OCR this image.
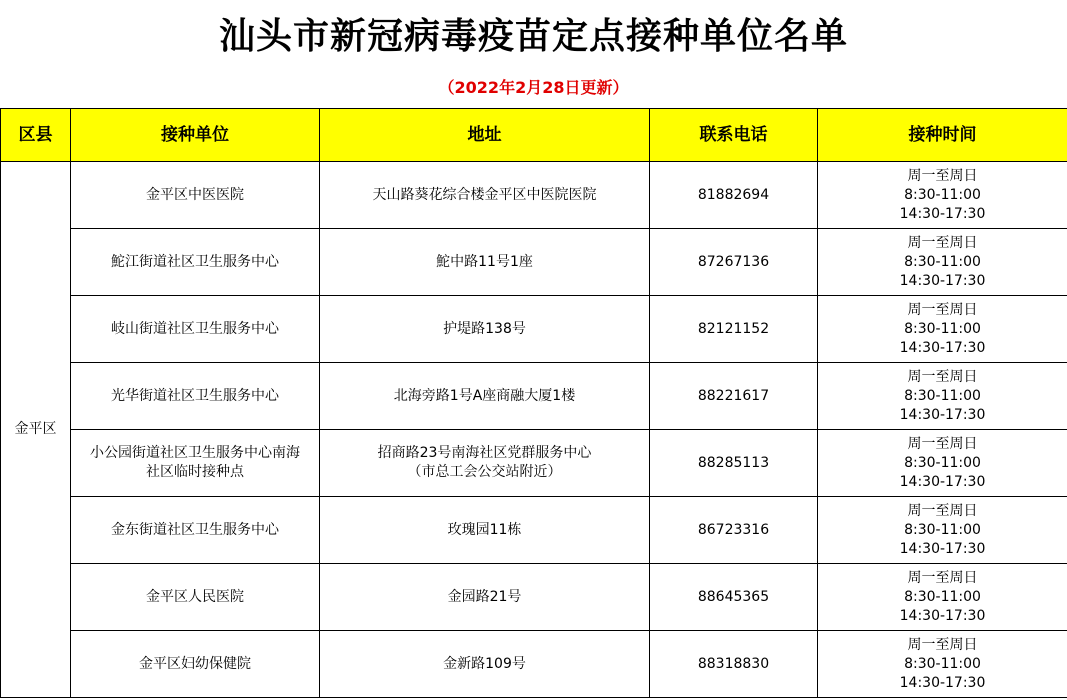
汕头市新冠病毒疫苗定点接种单位名单
（2022年2月28日更新）
区县	接种单位	地址	联系电话	接种时间
金平区	金平区中医医院	天山路葵花综合楼金平区中医院医院	81882694	周一至周日
8:30-11:00
14:30-17:30

	鮀江街道社区卫生服务中心	鮀中路11号1座	87267136	周一至周日
8:30-11:00
14:30-17:30

	岐山街道社区卫生服务中心	护堤路138号	82121152	周一至周日
8:30-11:00
14:30-17:30

	光华街道社区卫生服务中心	北海旁路1号A座商融大厦1楼	88221617	周一至周日
8:30-11:00
14:30-17:30

	小公园街道社区卫生服务中心南海
社区临时接种点	招商路23号南海社区党群服务中心
（市总工会公交站附近）	88285113	周一至周日
8:30-11:00
14:30-17:30

	金东街道社区卫生服务中心	玫瑰园11栋	86723316	周一至周日
8:30-11:00
14:30-17:30

	金平区人民医院	金园路21号	88645365	周一至周日
8:30-11:00
14:30-17:30

	金平区妇幼保健院	金新路109号	88318830	周一至周日
8:30-11:00
14:30-17:30
